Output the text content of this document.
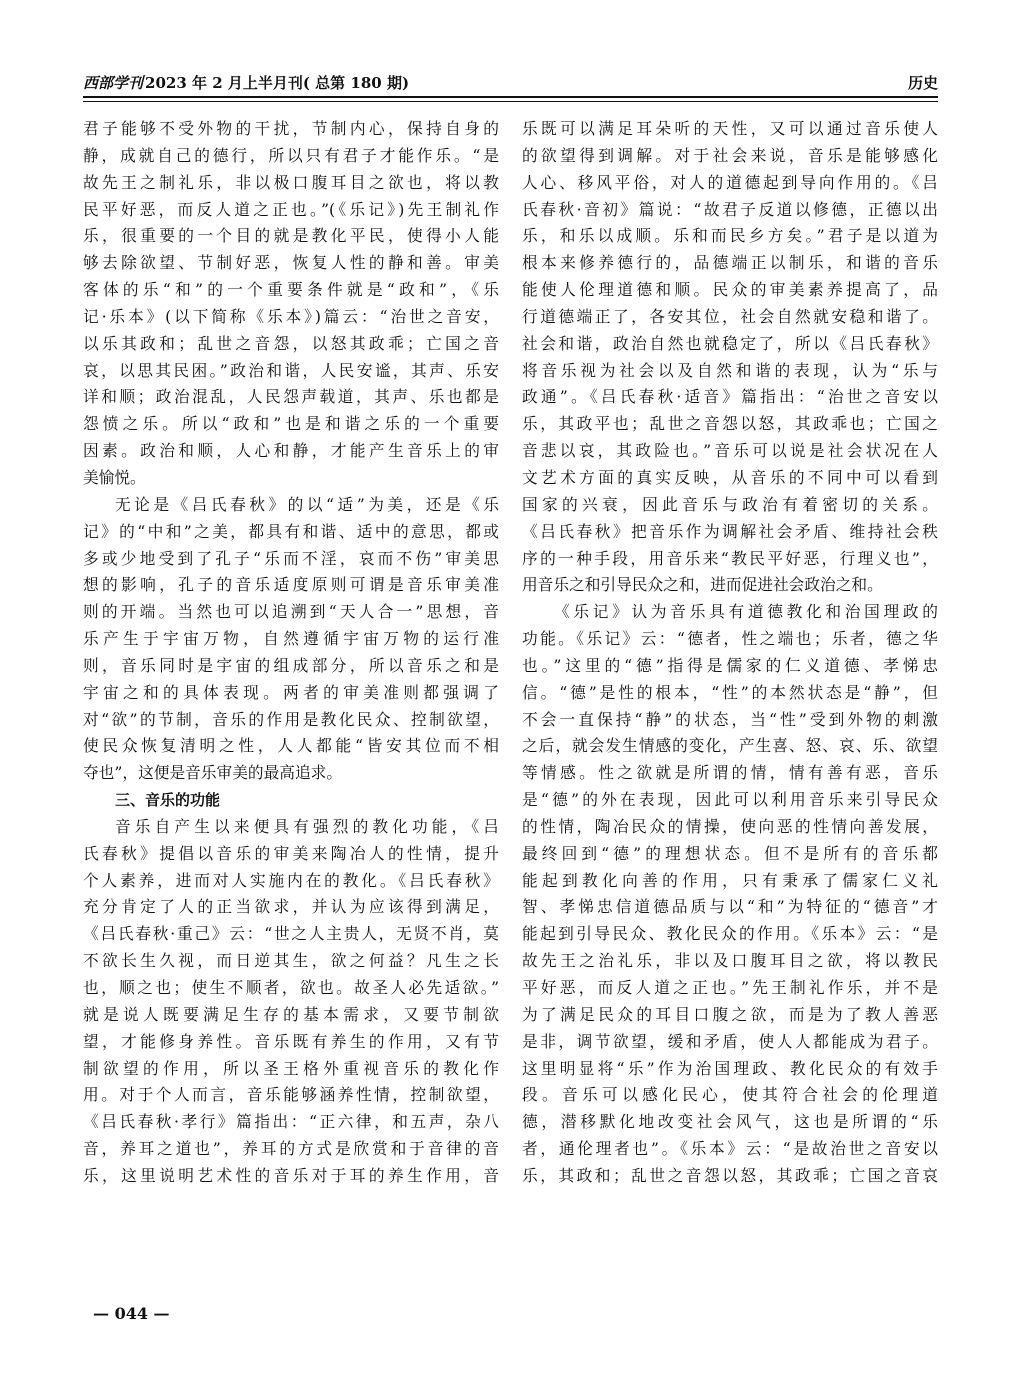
西部学刊 2023 年 2 月上半月刊( 总第 180 期)	历史
君子能够不受外物的干扰，节制内心，保持自身的
静，成就自己的德行，所以只有君子才能作乐。“是
故先王之制礼乐，非以极口腹耳目之欲也，将以教
民平好恶，而反人道之正也。”(《乐记》)先王制礼作
乐，很重要的一个目的就是教化平民，使得小人能
够去除欲望、节制好恶，恢复人性的静和善。审美
客体的乐“和”的一个重要条件就是“政和”，《乐
记·乐本》(以下简称《乐本》)篇云：“治世之音安，
以乐其政和；乱世之音怨，以怒其政乖；亡国之音
哀，以思其民困。”政治和谐，人民安谧，其声、乐安
详和顺；政治混乱，人民怨声载道，其声、乐也都是
怨愤之乐。所以“政和”也是和谐之乐的一个重要
因素。政治和顺，人心和静，才能产生音乐上的审
美愉悦。
无论是《吕氏春秋》的以“适”为美，还是《乐
记》的“中和”之美，都具有和谐、适中的意思，都或
多或少地受到了孔子“乐而不淫，哀而不伤”审美思
想的影响，孔子的音乐适度原则可谓是音乐审美准
则的开端。当然也可以追溯到“天人合一”思想，音
乐产生于宇宙万物，自然遵循宇宙万物的运行准
则，音乐同时是宇宙的组成部分，所以音乐之和是
宇宙之和的具体表现。两者的审美准则都强调了
对“欲”的节制，音乐的作用是教化民众、控制欲望，
使民众恢复清明之性，人人都能“皆安其位而不相
夺也”，这便是音乐审美的最高追求。
三、音乐的功能
音乐自产生以来便具有强烈的教化功能，《吕
氏春秋》提倡以音乐的审美来陶冶人的性情，提升
个人素养，进而对人实施内在的教化。《吕氏春秋》
充分肯定了人的正当欲求，并认为应该得到满足，
《吕氏春秋·重己》云：“世之人主贵人，无贤不肖，莫
不欲长生久视，而日逆其生，欲之何益？凡生之长
也，顺之也；使生不顺者，欲也。故圣人必先适欲。”
就是说人既要满足生存的基本需求，又要节制欲
望，才能修身养性。音乐既有养生的作用，又有节
制欲望的作用，所以圣王格外重视音乐的教化作
用。对于个人而言，音乐能够涵养性情，控制欲望，
《吕氏春秋·孝行》篇指出：“正六律，和五声，杂八
音，养耳之道也”，养耳的方式是欣赏和于音律的音
乐，这里说明艺术性的音乐对于耳的养生作用，音
乐既可以满足耳朵听的天性，又可以通过音乐使人
的欲望得到调解。对于社会来说，音乐是能够感化
人心、移风平俗，对人的道德起到导向作用的。《吕
氏春秋·音初》篇说：“故君子反道以修德，正德以出
乐，和乐以成顺。乐和而民乡方矣。”君子是以道为
根本来修养德行的，品德端正以制乐，和谐的音乐
能使人伦理道德和顺。民众的审美素养提高了，品
行道德端正了，各安其位，社会自然就安稳和谐了。
社会和谐，政治自然也就稳定了，所以《吕氏春秋》
将音乐视为社会以及自然和谐的表现，认为“乐与
政通”。《吕氏春秋·适音》篇指出：“治世之音安以
乐，其政平也；乱世之音怨以怒，其政乖也；亡国之
音悲以哀，其政险也。”音乐可以说是社会状况在人
文艺术方面的真实反映，从音乐的不同中可以看到
国家的兴衰，因此音乐与政治有着密切的关系。
《吕氏春秋》把音乐作为调解社会矛盾、维持社会秩
序的一种手段，用音乐来“教民平好恶，行理义也”，
用音乐之和引导民众之和，进而促进社会政治之和。
《乐记》认为音乐具有道德教化和治国理政的
功能。《乐记》云：“德者，性之端也；乐者，德之华
也。”这里的“德”指得是儒家的仁义道德、孝悌忠
信。“德”是性的根本，“性”的本然状态是“静”，但
不会一直保持“静”的状态，当“性”受到外物的刺激
之后，就会发生情感的变化，产生喜、怒、哀、乐、欲望
等情感。性之欲就是所谓的情，情有善有恶，音乐
是“德”的外在表现，因此可以利用音乐来引导民众
的性情，陶冶民众的情操，使向恶的性情向善发展，
最终回到“德”的理想状态。但不是所有的音乐都
能起到教化向善的作用，只有秉承了儒家仁义礼
智、孝悌忠信道德品质与以“和”为特征的“德音”才
能起到引导民众、教化民众的作用。《乐本》云：“是
故先王之治礼乐，非以及口腹耳目之欲，将以教民
平好恶，而反人道之正也。”先王制礼作乐，并不是
为了满足民众的耳目口腹之欲，而是为了教人善恶
是非，调节欲望，缓和矛盾，使人人都能成为君子。
这里明显将“乐”作为治国理政、教化民众的有效手
段。音乐可以感化民心，使其符合社会的伦理道
德，潜移默化地改变社会风气，这也是所谓的“乐
者，通伦理者也”。《乐本》云：“是故治世之音安以
乐，其政和；乱世之音怨以怒，其政乖；亡国之音哀
— 044 —
